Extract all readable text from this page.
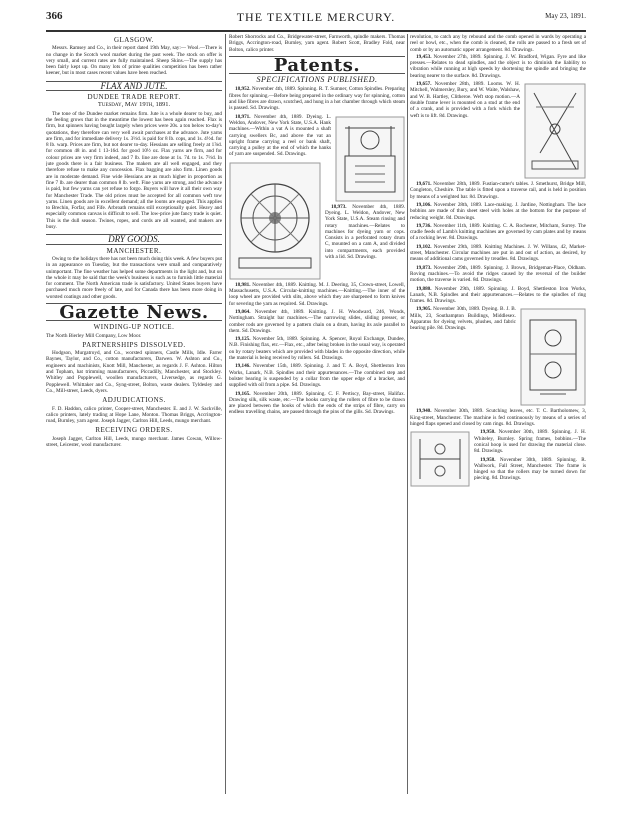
366	THE TEXTILE MERCURY.	May 23, 1891.
GLASGOW.

Messrs. Ramsey and Co., in their report dated 19th May, say:— Wool.—There is no change in the Scotch wool market during the past week. The stock on offer is very small, and current rates are fully maintained. Sheep Skins.—The supply has been fairly kept up. On many lots of prime qualities competition has been rather keener, but in most cases recent values have been reached.

FLAX AND JUTE.
DUNDEE TRADE REPORT.
Tuesday, May 19th, 1891.

The tone of the Dundee market remains firm. Jute is a whole dearer to buy, and the feeling grows that in the meantime the lowest has been again reached. Flax is firm, but spinners having bought largely when prices were 20s. a ton below to-day's quotations, they therefore can very well await purchases at the advance. Jute yarns are firm, and for immediate delivery 1s. 3½d. is paid for 8 lb. cops, and 1s. 4½d. for 8 lb. warp. Prices are firm, but not dearer to-day. Hessians are selling freely at 1⅞d. for common 48 in. and 1 13-16d. for good 10½ oz. Flax yarns are firm, and for colour prices are very firm indeed, and 7 lb. line are done at 1s. 7d. to 1s. 7½d. In jute goods there is a fair business. The makers are all well engaged, and they therefore refuse to make any concession. Flax bagging are also firm. Linen goods are in moderate demand. Fine wide Hessians are as much higher in proportion as fine 7 lb. are dearer than common 8 lb. weft. Fine yarns are strong, and the advance is paid, but few yarns can yet refuse to forgo. Buyers will have it all their own way for Manchester Trade. The old prices must be accepted for all common weft tow yarns. Linen goods are in excellent demand; all the looms are engaged. This applies to Brechin, Forfar, and Fife. Arbroath remains still exceptionally quiet. Heavy and especially common canvas is difficult to sell. The low-price jute fancy trade is quiet. This is the dull season. Twines, ropes, and cords are all wanted, and makers are busy.

DRY GOODS.
MANCHESTER.

Owing to the holidays there has not been much doing this week. A few buyers put in an appearance on Tuesday, but the transactions were small and comparatively unimportant. The fine weather has helped some departments in the light and, but on the whole it may be said that the week's business is such as to furnish little material for comment. The North American trade is satisfactory. United States buyers have purchased much more freely of late, and for Canada there has been more doing in worsted coatings and other goods.

Gazette News.
WINDING-UP NOTICE.

The North Bierley Mill Company, Low Moor.

PARTNERSHIPS DISSOLVED.

Hodgson, Murgatroyd, and Co., worsted spinners, Castle Mills, Idle. Farrer Baynes, Taylor, and Co., cotton manufacturers, Darwen. W. Ashton and Co., engineers and machinists, Knott Mill, Manchester, as regards J. F. Ashton. Hilton and Topham, hat trimming manufacturers, Piccadilly, Manchester, and Stockley. Whitley and Popplewell, woollen manufacturers, Liversedge, as regards G. Popplewell. Whittaker and Co., Syng-street, Bolton, waste dealers. Tyldesley and Co., Mill-street, Leeds, dyers.

ADJUDICATIONS.

F. D. Haddon, calico printer, Cooper-street, Manchester. E. and J. W. Sackville, calico printers, lately trading at Hope Lane, Monton. Thomas Briggs, Accrington-road, Burnley, yarn agent. Joseph Jagger, Carlton Hill, Leeds, mungo merchant.

RECEIVING ORDERS.

Joseph Jagger, Carlton Hill, Leeds, mungo merchant. James Cowan, Willow-street, Leicester, wool manufacturer.

Robert Shorrocks and Co., Bridgewater-street, Farnworth, spindle makers. Thomas Briggs, Accrington-road, Burnley, yarn agent. Robert Scott, Bradley Fold, near Bolton, calico printer.

Patents.
SPECIFICATIONS PUBLISHED.
18,952. November 4th, 1889. Spinning. R. T. Sumner, Cotton Spindles. Preparing fibres for spinning.—Before being prepared in the ordinary way for spinning, cotton and like fibres are drawn, scutched, and hung in a hot chamber through which steam is passed. Sd. Drawings.
18,971. November 4th, 1889. Dyeing. L. Weldon, Andover, New York State, U.S.A. Hank machines.—Within a vat A is mounted a shaft carrying swellers Bc, and above the vat an upright frame carrying a reel or bank shaft, carrying a pulley at the end of which the hanks of yarn are suspended. Sd. Drawings.
18,973. November 4th, 1889. Dyeing. L. Weldon, Andover, New York State, U.S.A. Steam rinsing and rotary machines.—Relates to machines for dyeing yarn or cops. Consists in a perforated rotary drum C, mounted on a cam A, and divided into compartments, each provided with a lid. Sd. Drawings.
18,981. November 4th, 1889. Knitting. M. J. Deering, 35, Crown-street, Lowell, Massachusetts, U.S.A. Circular-knitting machines.—Knitting.—The inner of the loop wheel are provided with slits, above which they are sharpened to form knives for severing the yarn as required. Sd. Drawings.
19,064. November 4th, 1889. Knitting. J. H. Woodward, 246, Wonds, Nottingham. Straight bar machines.—The narrowing slides, sliding presser, or comber rods are governed by a pattern chain on a drum, having its axle parallel to them. Sd. Drawings.
19,125. November 5th, 1889. Spinning. A. Spencer, Royal Exchange, Dundee, N.B. Finishing flax, etc.—Flax, etc., after being broken in the usual way, is operated on by rotary beaters which are provided with blades in the opposite direction, while the material is being received by rollers. Sd. Drawings.
19,146. November 15th, 1889. Spinning. J. and T. A. Boyd, Shettleston Iron Works, Lanark, N.B. Spindles and their appurtenances.—The combined step and bolster bearing is suspended by a collar from the upper edge of a bracket, and supplied with oil from a pipe. Sd. Drawings.
19,165. November 20th, 1889. Spinning. C. F. Pertiscy, Bay-street, Halifax. Drawing silk, silk waste, etc.—The hooks carrying the rollers of fibre to be drawn are placed between the hooks of which the ends of the strips of fibre, carry on endless travelling chains, are passed through the pins of the gills. Sd. Drawings.

revolution, to catch any by rebound and the comb opened in wards by operating a reel or bowl, etc., when the comb is cleaned, the rolls are passed to a fresh set of comb or by an automatic upper arrangement. 8d. Drawings.

19,453. November 27th, 1889. Spinning. J. W. Bradford, Wigan. Fyre and like presses.—Relates to dead spindles, and the object is to diminish the liability to vibration while running at high speeds by shortening the spindle and bringing the bearing nearer to the surface. 8d. Drawings.
19,657. November 28th, 1889. Looms. W. H. Mitchell, Walmersley, Bury, and W. Waite, Walshaw, and W. B. Hartley, Clitheroe. Weft stop motion.—A double frame lever is mounted on a stud at the end of a crank, and is provided with a fork which the weft is to lift. 8d. Drawings.
19,671. November 28th, 1889. Fustian-cutter's tables. J. Smethurst, Bridge Mill, Congleton, Cheshire. The table is fitted upon a traverse rail, and is held in position by means of a weighted bar. 8d. Drawings.
19,106. November 28th, 1889. Lace-making. J. Jardine, Nottingham. The lace bobbins are made of thin sheet steel with holes at the bottom for the purpose of reducing weight. 8d. Drawings.
19,736. November 11th, 1889. Knitting. C. A. Rochester, Mitcham, Surrey. The cradle feeds of Lamb's knitting machines are governed by cam plates and by means of a rocking lever. 8d. Drawings.
19,102. November 29th, 1889. Knitting Machines. J. W. Willans, 42, Market-street, Manchester. Circular machines are put in and out of action, as desired, by means of additional cams governed by treadles. 8d. Drawings.
19,873. November 29th, 1889. Spinning. J. Brown, Bridgeman-Place, Oldham. Roving machines.—To avoid the ridges caused by the reversal of the builder motion, the traverse is varied. 8d. Drawings.
19,880. November 29th, 1889. Spinning. J. Boyd, Shettleston Iron Works, Lanark, N.B. Spindles and their appurtenances.—Relates to the spindles of ring frames. 8d. Drawings.
19,905. November 30th, 1889. Dyeing. B. J. B. Mills, 23, Southampton Buildings, Middlesex. Apparatus for dyeing velvets, plushes, and fabric bearing pile. 8d. Drawings.
19,940. November 30th, 1889. Scutching leaves, etc. T. C. Bartholomew, 3, King-street, Manchester. The machine is fed continuously by means of a series of hinged flaps opened and closed by cam rings. 8d. Drawings.
19,950. November 30th, 1889. Spinning. J. H. Whiteley, Burnley. Spring frames, bobbins.—The conical hoop is used for drawing the material close. 8d. Drawings.
19,958. November 30th, 1889. Spinning. R. Wallwork, Fall Street, Manchester. The frame is hinged so that the rollers may be turned down for piecing. 8d. Drawings.
